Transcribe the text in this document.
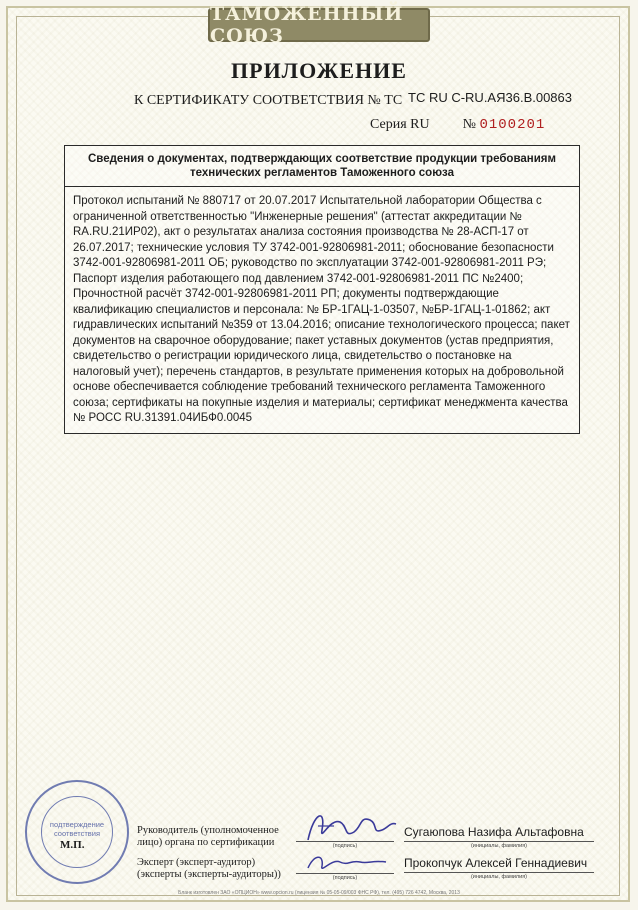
ТАМОЖЕННЫЙ СОЮЗ
ПРИЛОЖЕНИЕ
К СЕРТИФИКАТУ СООТВЕТСТВИЯ № ТС TC RU C-RU.АЯ36.В.00863
Серия RU № 0100201
Сведения о документах, подтверждающих соответствие продукции требованиям технических регламентов Таможенного союза
Протокол испытаний № 880717 от 20.07.2017 Испытательной лаборатории Общества с ограниченной ответственностью "Инженерные решения" (аттестат аккредитации № RA.RU.21ИР02), акт о результатах анализа состояния производства № 28-АСП-17 от 26.07.2017; технические условия ТУ 3742-001-92806981-2011; обоснование безопасности 3742-001-92806981-2011 ОБ; руководство по эксплуатации 3742-001-92806981-2011 РЭ; Паспорт изделия работающего под давлением 3742-001-92806981-2011 ПС №2400; Прочностной расчёт 3742-001-92806981-2011 РП; документы подтверждающие квалификацию специалистов и персонала: № БР-1ГАЦ-1-03507, №БР-1ГАЦ-1-01862; акт гидравлических испытаний №359 от 13.04.2016; описание технологического процесса; пакет документов на сварочное оборудование; пакет уставных документов (устав предприятия, свидетельство о регистрации юридического лица, свидетельство о постановке на налоговый учет); перечень стандартов, в результате применения которых на добровольной основе обеспечивается соблюдение требований технического регламента Таможенного союза; сертификаты на покупные изделия и материалы; сертификат менеджмента качества № РОСС RU.31391.04ИБФ0.0045
подтверждение соответствия
М.П.
Руководитель (уполномоченное
лицо) органа по сертификации	(подпись)
Сугаюпова Назифа Альтафовна
(инициалы, фамилия)
Эксперт (эксперт-аудитор)
(эксперты (эксперты-аудиторы))	(подпись)
Прокопчук Алексей Геннадиевич
(инициалы, фамилия)
Бланк изготовлен ЗАО «ОПЦИОН» www.opcion.ru (лицензия № 05-05-09/003 ФНС РФ), тел. (495) 726 4742, Москва, 2013
